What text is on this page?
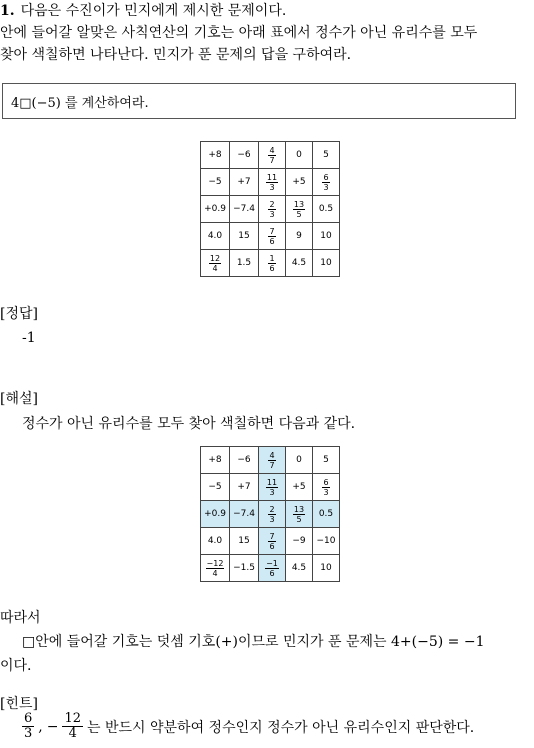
1. 다음은 수진이가 민지에게 제시한 문제이다.
안에 들어갈 알맞은 사칙연산의 기호는 아래 표에서 정수가 아닌 유리수를 모두
찾아 색칠하면 나타난다. 민지가 푼 문제의 답을 구하여라.
4□(−5) 를 계산하여라.
+8	−6	$\frac{4}{7}$	0	5
−5	+7	$\frac{11}{3}$	+5	$\frac{6}{3}$

+0.9	−7.4	$\frac{2}{3}$	$\frac{13}{5}$	0.5
4.0	15	$\frac{7}{6}$	9	10

$\frac{12}{4}$	1.5	$\frac{1}{6}$	4.5	10
[정답]
-1
[해설]
정수가 아닌 유리수를 모두 찾아 색칠하면 다음과 같다.
+8	−6	$\frac{4}{7}$	0	5
−5	+7	$\frac{11}{3}$	+5	$\frac{6}{3}$

+0.9	−7.4	$\frac{2}{3}$	$\frac{13}{5}$	0.5
4.0	15	$\frac{7}{6}$	−9	−10

$\frac{-12}{4}$	−1.5	$\frac{-1}{6}$	4.5	10
따라서
□안에 들어갈 기호는 덧셈 기호(+)이므로 민지가 푼 문제는 4+(−5) = −1
이다.
[힌트]
6
3 , − $\frac{12}{4}$ 는 반드시 약분하여 정수인지 정수가 아닌 유리수인지 판단한다.
